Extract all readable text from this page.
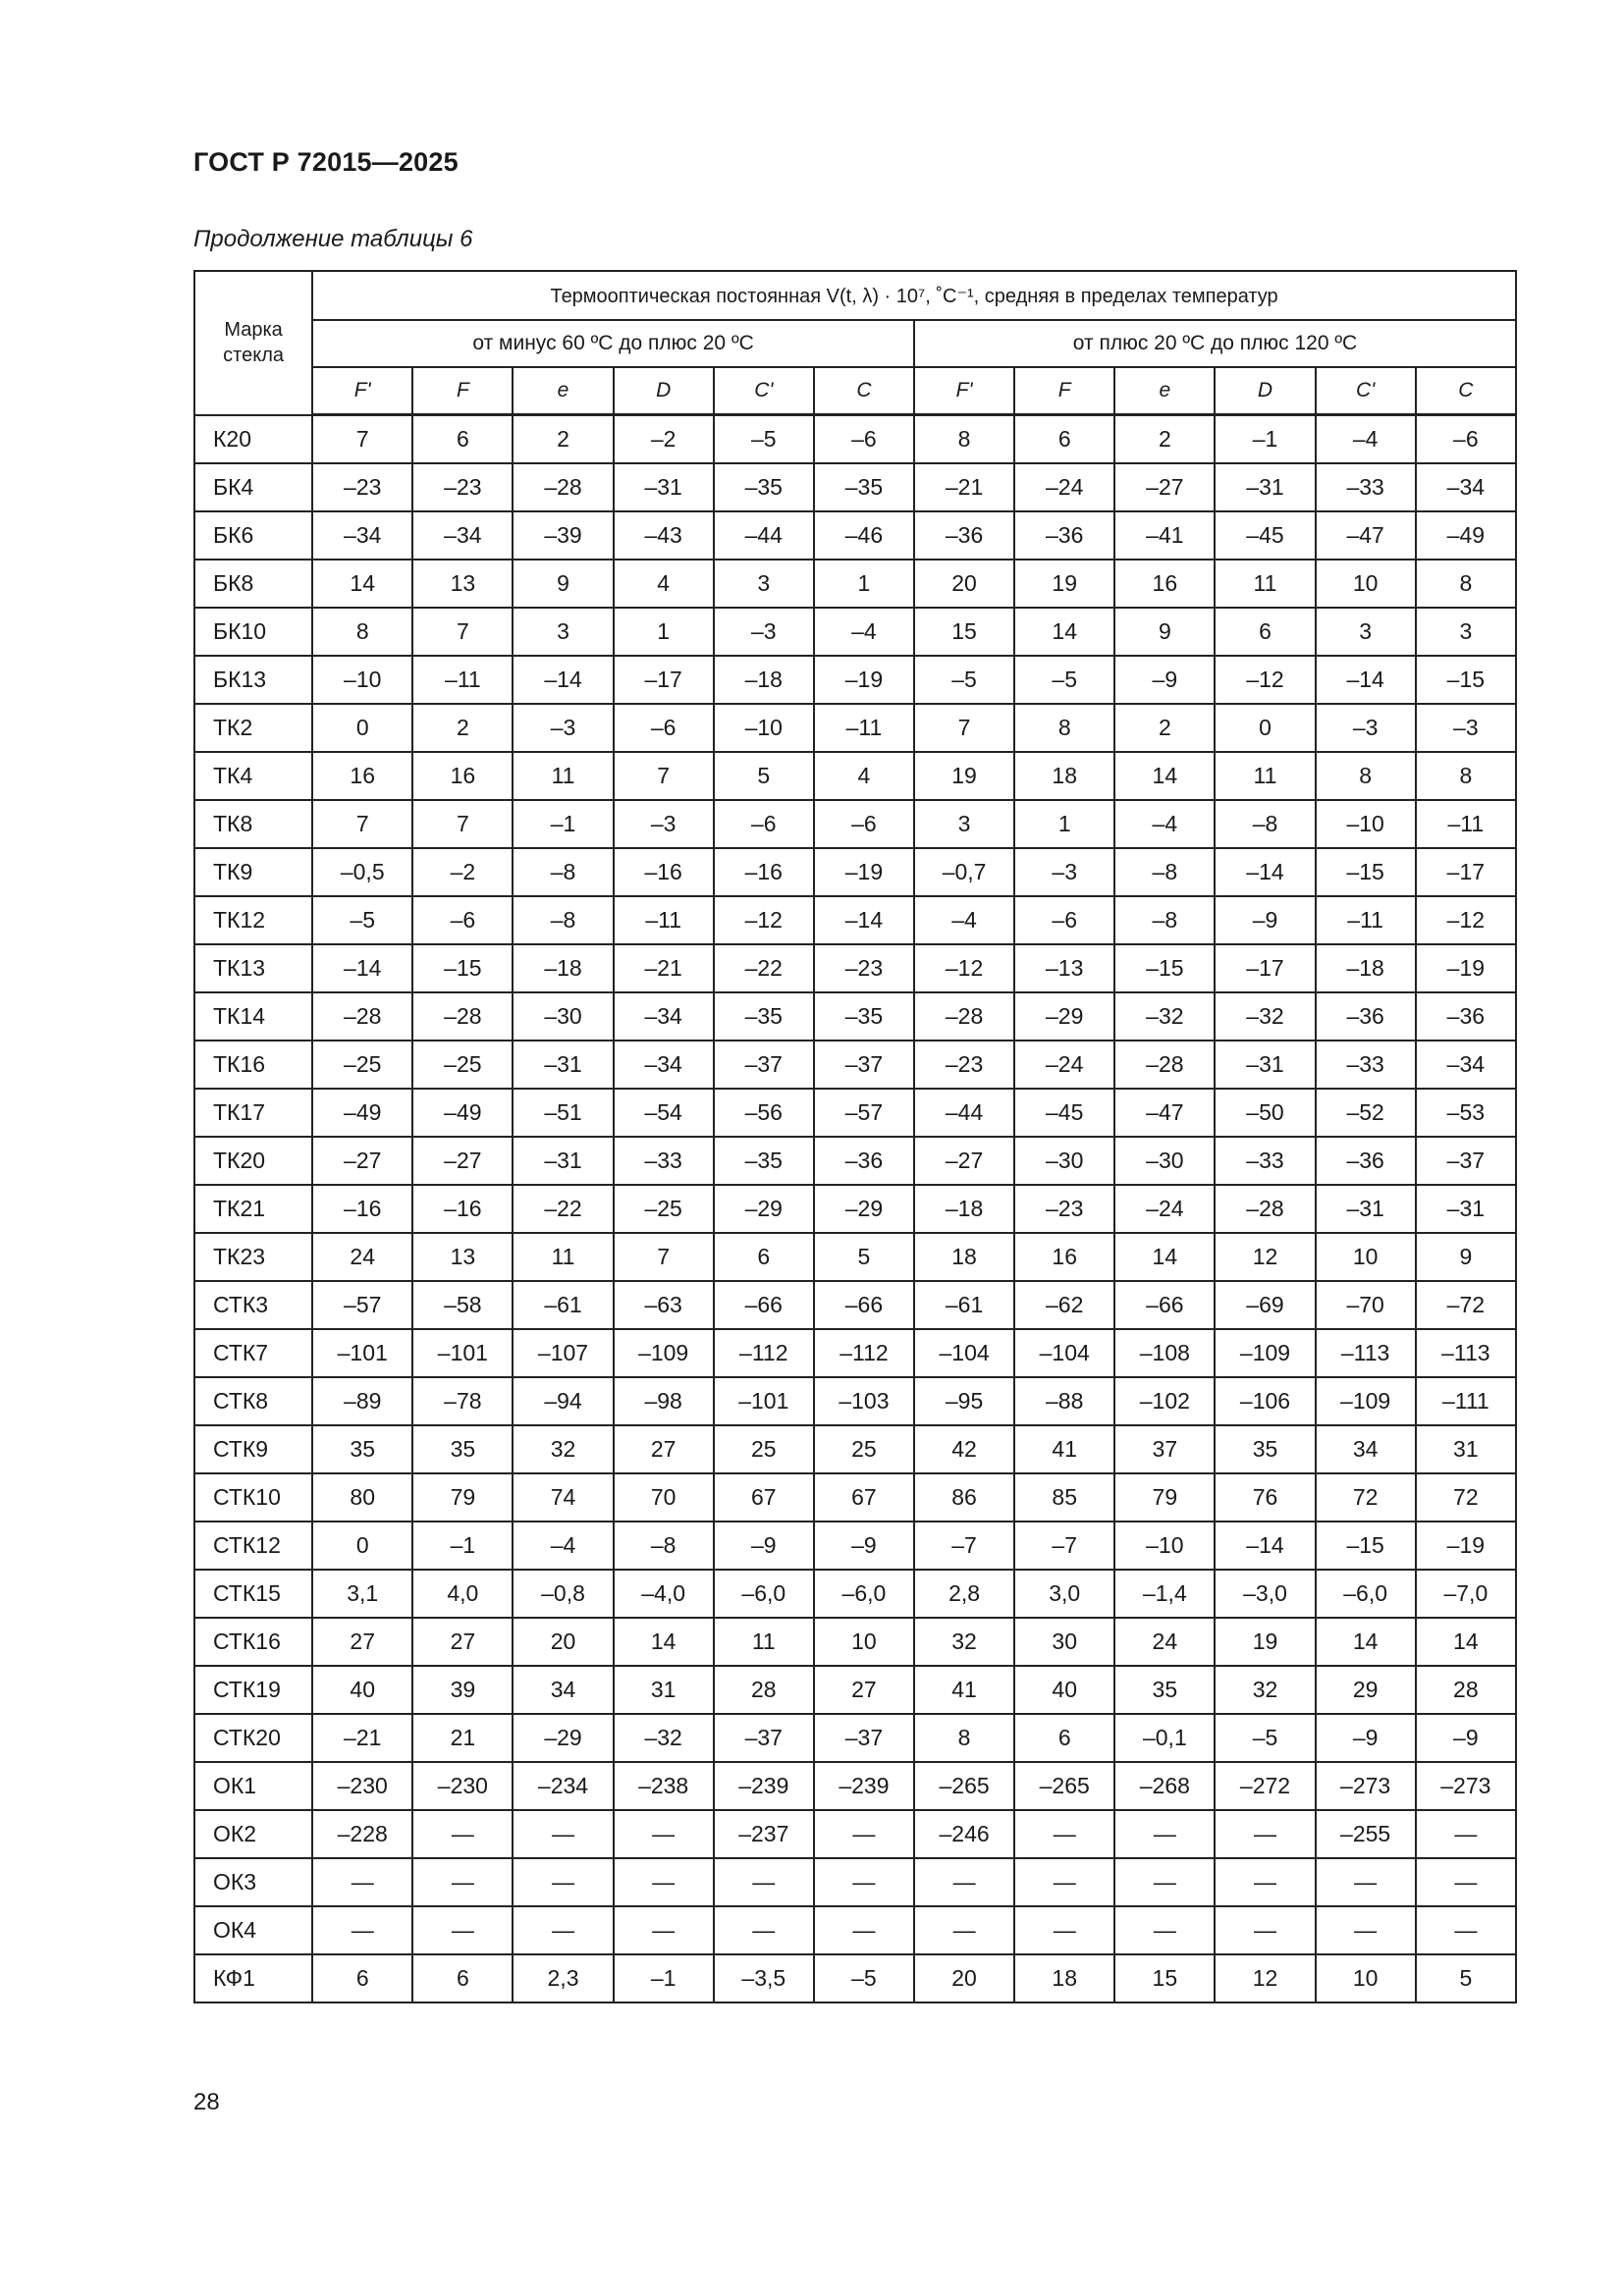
ГОСТ Р 72015—2025
Продолжение таблицы 6
Марка стекла	Термооптическая постоянная V(t, λ) · 10⁷, ˚C⁻¹, средняя в пределах температур											
	от минус 60 ºС до плюс 20 ºС						от плюс 20 ºС до плюс 120 ºС					
	F'	F	e	D	C'	C	F'	F	e	D	C'	C
К20	7	6	2	–2	–5	–6	8	6	2	–1	–4	–6
БК4	–23	–23	–28	–31	–35	–35	–21	–24	–27	–31	–33	–34
БК6	–34	–34	–39	–43	–44	–46	–36	–36	–41	–45	–47	–49
БК8	14	13	9	4	3	1	20	19	16	11	10	8
БК10	8	7	3	1	–3	–4	15	14	9	6	3	3
БК13	–10	–11	–14	–17	–18	–19	–5	–5	–9	–12	–14	–15
ТК2	0	2	–3	–6	–10	–11	7	8	2	0	–3	–3
ТК4	16	16	11	7	5	4	19	18	14	11	8	8
ТК8	7	7	–1	–3	–6	–6	3	1	–4	–8	–10	–11
ТК9	–0,5	–2	–8	–16	–16	–19	–0,7	–3	–8	–14	–15	–17
ТК12	–5	–6	–8	–11	–12	–14	–4	–6	–8	–9	–11	–12
ТК13	–14	–15	–18	–21	–22	–23	–12	–13	–15	–17	–18	–19
ТК14	–28	–28	–30	–34	–35	–35	–28	–29	–32	–32	–36	–36
ТК16	–25	–25	–31	–34	–37	–37	–23	–24	–28	–31	–33	–34
ТК17	–49	–49	–51	–54	–56	–57	–44	–45	–47	–50	–52	–53
ТК20	–27	–27	–31	–33	–35	–36	–27	–30	–30	–33	–36	–37
ТК21	–16	–16	–22	–25	–29	–29	–18	–23	–24	–28	–31	–31
ТК23	24	13	11	7	6	5	18	16	14	12	10	9
СТК3	–57	–58	–61	–63	–66	–66	–61	–62	–66	–69	–70	–72
СТК7	–101	–101	–107	–109	–112	–112	–104	–104	–108	–109	–113	–113
СТК8	–89	–78	–94	–98	–101	–103	–95	–88	–102	–106	–109	–111
СТК9	35	35	32	27	25	25	42	41	37	35	34	31
СТК10	80	79	74	70	67	67	86	85	79	76	72	72
СТК12	0	–1	–4	–8	–9	–9	–7	–7	–10	–14	–15	–19
СТК15	3,1	4,0	–0,8	–4,0	–6,0	–6,0	2,8	3,0	–1,4	–3,0	–6,0	–7,0
СТК16	27	27	20	14	11	10	32	30	24	19	14	14
СТК19	40	39	34	31	28	27	41	40	35	32	29	28
СТК20	–21	21	–29	–32	–37	–37	8	6	–0,1	–5	–9	–9
ОК1	–230	–230	–234	–238	–239	–239	–265	–265	–268	–272	–273	–273
ОК2	–228	—	—	—	–237	—	–246	—	—	—	–255	—
ОК3	—	—	—	—	—	—	—	—	—	—	—	—
ОК4	—	—	—	—	—	—	—	—	—	—	—	—
КФ1	6	6	2,3	–1	–3,5	–5	20	18	15	12	10	5
28
